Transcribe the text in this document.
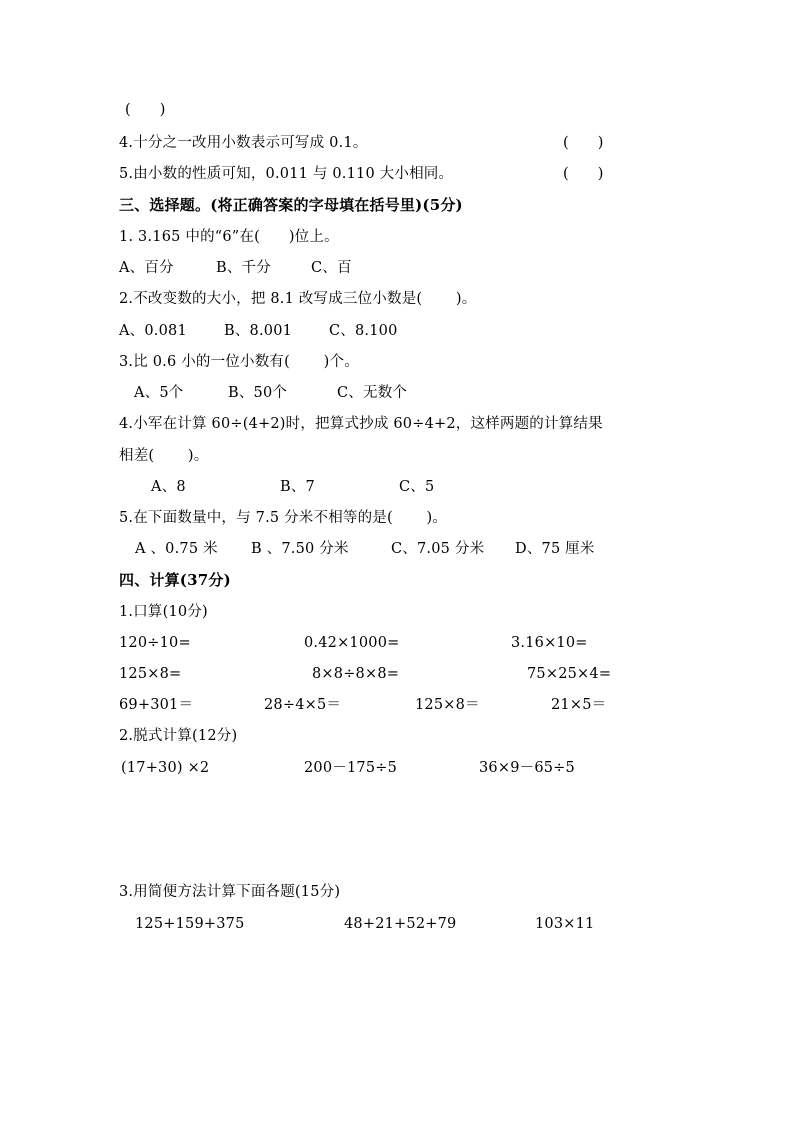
(      )
4.十分之一改用小数表示可写成 0.1。	(      )
5.由小数的性质可知，0.011 与 0.110 大小相同。	(      )
三、选择题。(将正确答案的字母填在括号里)(5分)
1. 3.165 中的“6”在(      )位上。
A、百分	B、千分	C、百
2.不改变数的大小，把 8.1 改写成三位小数是(       )。
A、0.081	B、8.001	C、8.100
3.比 0.6 小的一位小数有(       )个。
A、5个	B、50个	C、无数个
4.小军在计算 60÷(4+2)时，把算式抄成 60÷4+2，这样两题的计算结果
相差(       )。
A、8	B、7	C、5
5.在下面数量中，与 7.5 分米不相等的是(       )。
A 、0.75 米 B 、7.50 分米	C、7.05 分米 D、75 厘米
四、计算(37分)
1.口算(10分)
120÷10=	0.42×1000=	3.16×10=
125×8=	8×8÷8×8=	75×25×4=
69+301＝	28÷4×5＝	125×8＝	21×5＝
2.脱式计算(12分)
(17+30) ×2	200－175÷5	36×9－65÷5
3.用简便方法计算下面各题(15分)
125+159+375	48+21+52+79	103×11
